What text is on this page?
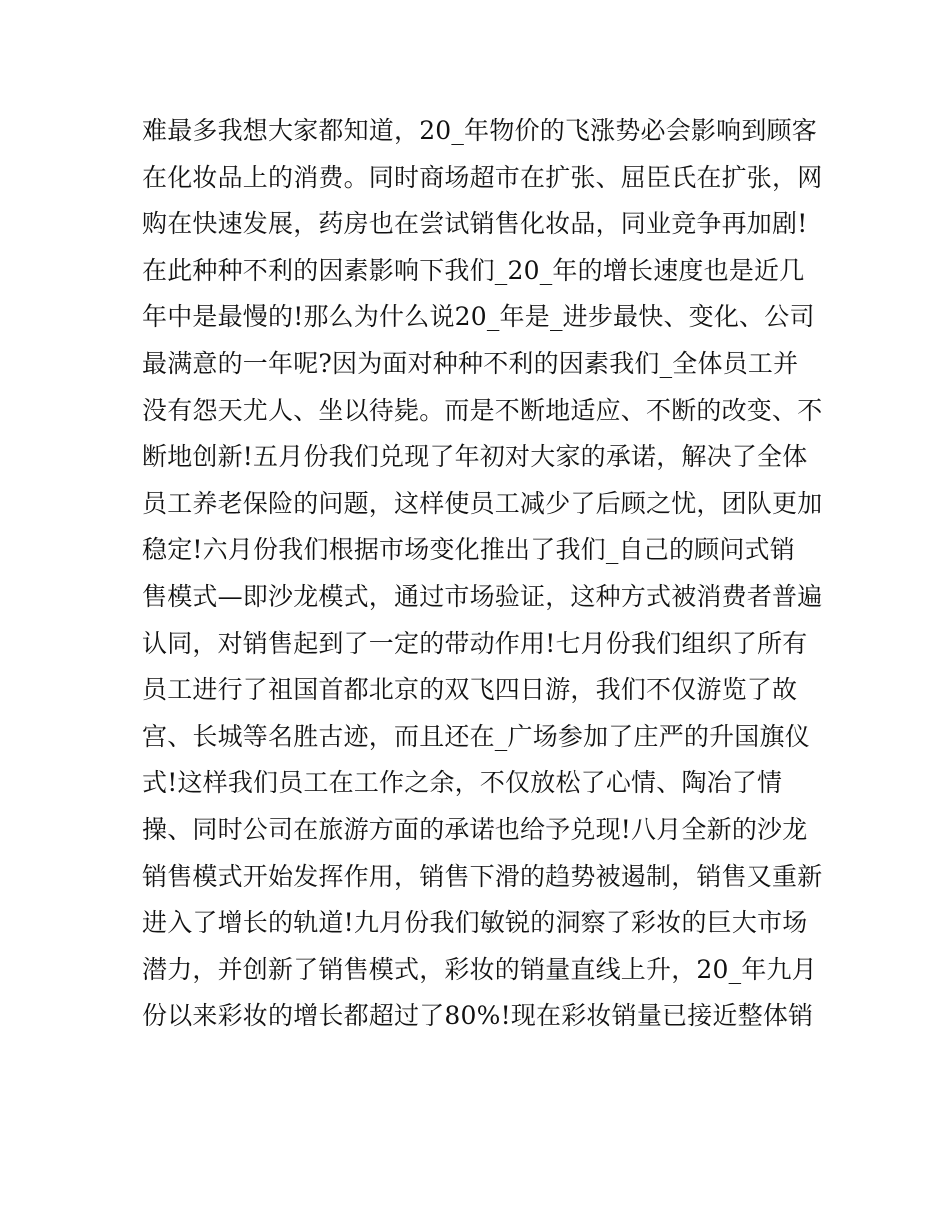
难最多我想大家都知道，20_年物价的飞涨势必会影响到顾客
在化妆品上的消费。同时商场超市在扩张、屈臣氏在扩张，网
购在快速发展，药房也在尝试销售化妆品，同业竞争再加剧!
在此种种不利的因素影响下我们_20_年的增长速度也是近几
年中是最慢的!那么为什么说20_年是_进步最快、变化、公司
最满意的一年呢?因为面对种种不利的因素我们_全体员工并
没有怨天尤人、坐以待毙。而是不断地适应、不断的改变、不
断地创新!五月份我们兑现了年初对大家的承诺，解决了全体
员工养老保险的问题，这样使员工减少了后顾之忧，团队更加
稳定!六月份我们根据市场变化推出了我们_自己的顾问式销
售模式—即沙龙模式，通过市场验证，这种方式被消费者普遍
认同，对销售起到了一定的带动作用!七月份我们组织了所有
员工进行了祖国首都北京的双飞四日游，我们不仅游览了故
宫、长城等名胜古迹，而且还在_广场参加了庄严的升国旗仪
式!这样我们员工在工作之余，不仅放松了心情、陶冶了情
操、同时公司在旅游方面的承诺也给予兑现!八月全新的沙龙
销售模式开始发挥作用，销售下滑的趋势被遏制，销售又重新
进入了增长的轨道!九月份我们敏锐的洞察了彩妆的巨大市场
潜力，并创新了销售模式，彩妆的销量直线上升，20_年九月
份以来彩妆的增长都超过了80%!现在彩妆销量已接近整体销
